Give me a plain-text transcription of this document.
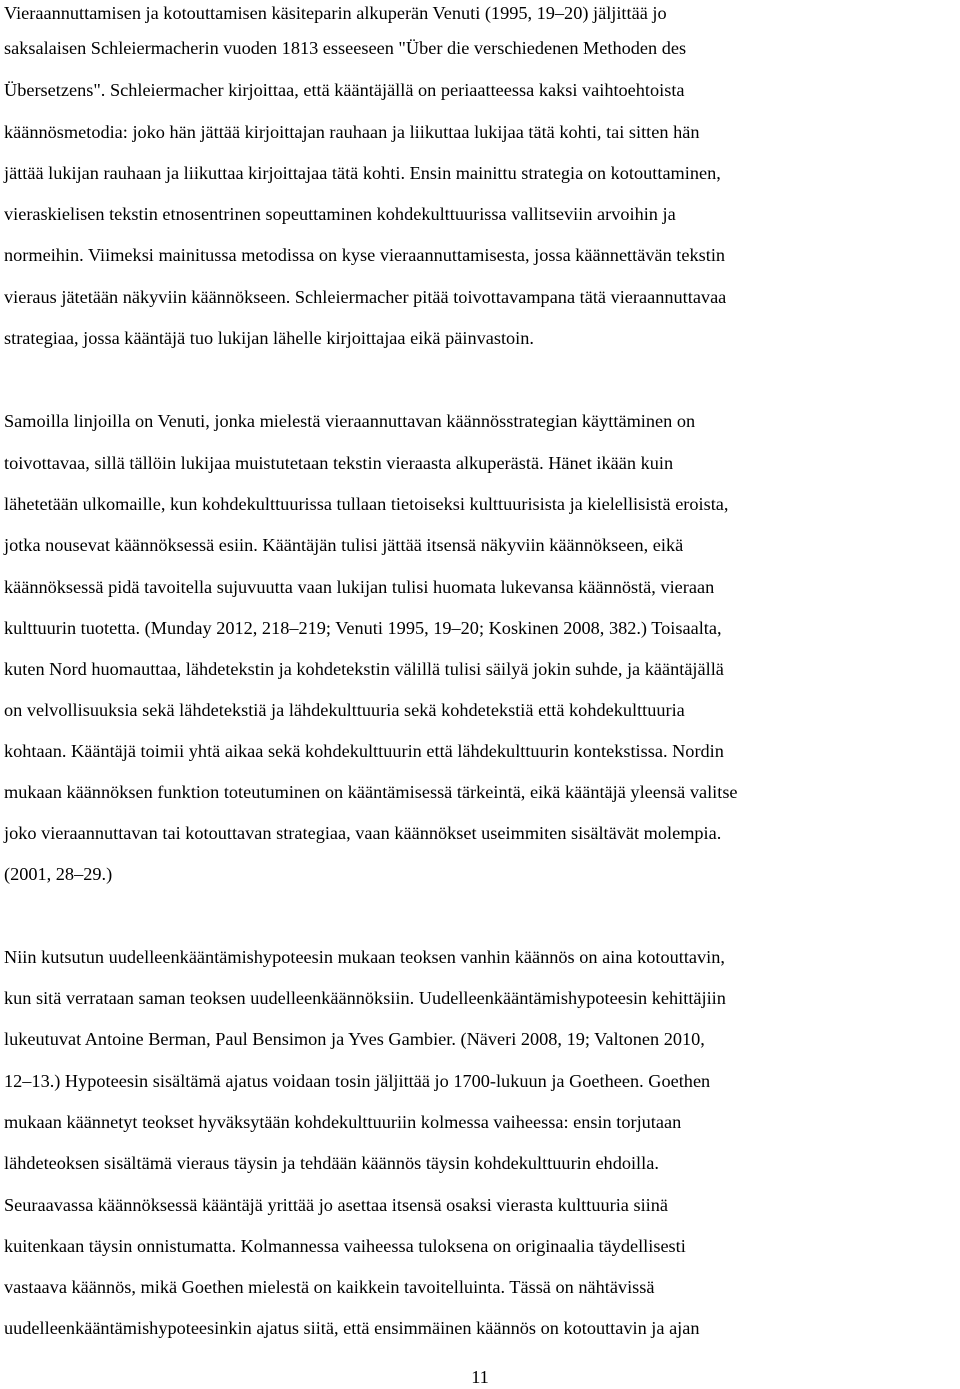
Vieraannuttamisen ja kotouttamisen käsiteparin alkuperän Venuti (1995, 19–20) jäljittää jo

saksalaisen Schleiermacherin vuoden 1813 esseeseen "Über die verschiedenen Methoden des

Übersetzens". Schleiermacher kirjoittaa, että kääntäjällä on periaatteessa kaksi vaihtoehtoista

käännösmetodia: joko hän jättää kirjoittajan rauhaan ja liikuttaa lukijaa tätä kohti, tai sitten hän

jättää lukijan rauhaan ja liikuttaa kirjoittajaa tätä kohti. Ensin mainittu strategia on kotouttaminen,

vieraskielisen tekstin etnosentrinen sopeuttaminen kohdekulttuurissa vallitseviin arvoihin ja

normeihin. Viimeksi mainitussa metodissa on kyse vieraannuttamisesta, jossa käännettävän tekstin

vieraus jätetään näkyviin käännökseen. Schleiermacher pitää toivottavampana tätä vieraannuttavaa

strategiaa, jossa kääntäjä tuo lukijan lähelle kirjoittajaa eikä päinvastoin.

Samoilla linjoilla on Venuti, jonka mielestä vieraannuttavan käännösstrategian käyttäminen on

toivottavaa, sillä tällöin lukijaa muistutetaan tekstin vieraasta alkuperästä. Hänet ikään kuin

lähetetään ulkomaille, kun kohdekulttuurissa tullaan tietoiseksi kulttuurisista ja kielellisistä eroista,

jotka nousevat käännöksessä esiin. Kääntäjän tulisi jättää itsensä näkyviin käännökseen, eikä

käännöksessä pidä tavoitella sujuvuutta vaan lukijan tulisi huomata lukevansa käännöstä, vieraan

kulttuurin tuotetta. (Munday 2012, 218–219; Venuti 1995, 19–20; Koskinen 2008, 382.) Toisaalta,

kuten Nord huomauttaa, lähdetekstin ja kohdetekstin välillä tulisi säilyä jokin suhde, ja kääntäjällä

on velvollisuuksia sekä lähdetekstiä ja lähdekulttuuria sekä kohdetekstiä että kohdekulttuuria

kohtaan. Kääntäjä toimii yhtä aikaa sekä kohdekulttuurin että lähdekulttuurin kontekstissa. Nordin

mukaan käännöksen funktion toteutuminen on kääntämisessä tärkeintä, eikä kääntäjä yleensä valitse

joko vieraannuttavan tai kotouttavan strategiaa, vaan käännökset useimmiten sisältävät molempia.

(2001, 28–29.)

Niin kutsutun uudelleenkääntämishypoteesin mukaan teoksen vanhin käännös on aina kotouttavin,

kun sitä verrataan saman teoksen uudelleenkäännöksiin. Uudelleenkääntämishypoteesin kehittäjiin

lukeutuvat Antoine Berman, Paul Bensimon ja Yves Gambier. (Näveri 2008, 19; Valtonen 2010,

12–13.) Hypoteesin sisältämä ajatus voidaan tosin jäljittää jo 1700-lukuun ja Goetheen. Goethen

mukaan käännetyt teokset hyväksytään kohdekulttuuriin kolmessa vaiheessa: ensin torjutaan

lähdeteoksen sisältämä vieraus täysin ja tehdään käännös täysin kohdekulttuurin ehdoilla.

Seuraavassa käännöksessä kääntäjä yrittää jo asettaa itsensä osaksi vierasta kulttuuria siinä

kuitenkaan täysin onnistumatta. Kolmannessa vaiheessa tuloksena on originaalia täydellisesti

vastaava käännös, mikä Goethen mielestä on kaikkein tavoitelluinta. Tässä on nähtävissä

uudelleenkääntämishypoteesinkin ajatus siitä, että ensimmäinen käännös on kotouttavin ja ajan

11
